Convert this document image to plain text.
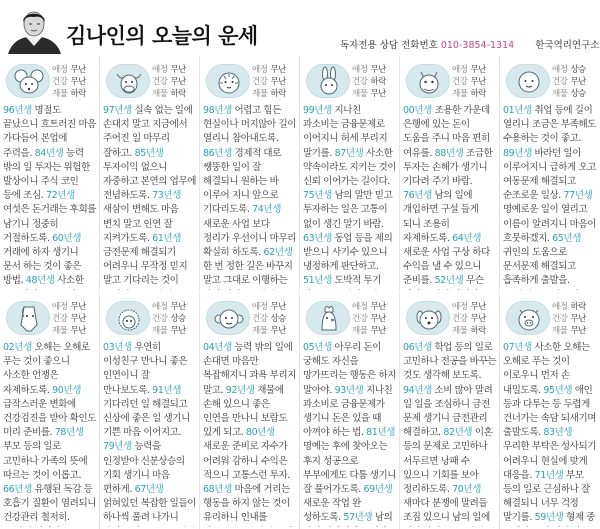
김나인의 오늘의 운세	독자전용 상담 전화번호 010-3854-1314 한국역리연구소
애정 무난
건강 무난
재물 하락
96년생 명절도 끝났으니 흐트러진 마음 가다듬어 본업에 주력을. 84년생 능력 밖의 일 투자는 위험한 발상이니 주식 코인 등에 조심. 72년생 여섯은 돈거래는 후회를 남기니 정중히 거절하도록. 60년생 거래에 하자 생기니 문서 하는 것이 좋은 방법. 48년생 사소한
애정 무난
건강 무난
재물 하락
97년생 실속 없는 일에 손대지 말고 지금에서 주어진 일 마무리 잘하고. 85년생 투자이익 없으니 자중하고 본연의 업무에 전념하도록. 73년생 새삼이 변해도 마음 변치 말고 인연 잘 지켜가도록. 61년생 금전문제 해결되기 어려우니 무작정 믿지 말고 기다리는 것이
애정 무난
건강 무난
재물 하락
98년생 어렵고 힘든 현실이나 머지않아 길이 열리니 참아내도록. 86년생 경제적 대로 쌩뚱한 일이 잘 해결되니 원하는 바 이루어 지니 앞으로 기다리도록. 74년생 새로운 사업 보다 정리가 우선이니 마무리 확실히 하도록. 62년생 한 번 정한 길은 바꾸지 말고 그대로 이행하는
애정 무난
건강 하락
재물 무난
99년생 지나친 과소비는 금융문제로 이어지니 허세 부리지 말기를. 87년생 사소한 약속이라도 지키는 것이 신뢰 이어가는 길이다. 75년생 남의 말만 믿고 투자하는 일은 고통이 없이 생긴 말기 바람. 63년생 동업 등을 제의 받으니 사기수 있으니 냉정하게 판단하고. 51년생 도박적 투기
애정 무난
건강 무난
재물 하락
00년생 조용한 가운데 은행에 있는 돈이 도움을 주니 마음 편히 여유를. 88년생 조급한 투자는 손해가 생기니 기다려 주기 바람. 76년생 남의 일에 개입하면 구설 들게 되니 조용히 자제하도록. 64년생 새로운 사업 구상 하다 수익을 낼 수 있으니 준비를. 52년생 무슨
애정 상승
건강 무난
재물 상승
01년생 취업 등에 길이 열리니 조금은 부족해도 수용하는 것이 좋고. 89년생 바라던 일이 이루어지니 급하게 오고 여동문제 해결되고 순조로운 일상. 77년생 명예로운 일이 열리고 이름이 알려지니 마음이 흐뭇하겠지. 65년생 귀인의 도움으로 문서문제 해결되고 흡족하게 출발을.
애정 무난
건강 무난
재물 무난
02년생 오해는 오해로 푸는 것이 좋으니 사소한 언쟁은 자제하도록. 90년생 급작스러운 변화에 건강검진을 받아 확인도 미리 준비를. 78년생 부모 등의 일로 고민하나 가족의 뜻에 따르는 것이 이롭고. 66년생 유행된 독감 등 호흡기 질환이 염려되니 건강관리 철저히.
애정 무난
건강 상승
재물 무난
03년생 우연히 이성친구 만나니 좋은 인연이니 잘 만나보도록. 91년생 기다리던 일 해결되고 신상에 좋은 일 생기니 기쁜 마음 이어지고. 79년생 능력을 인정받아 신분상승의 기회 생기니 마음 편하게. 67년생 얽혀있던 복잡한 일들이 하나씩 풀려 나가니
애정 무난
건강 상승
재물 무난
04년생 능력 밖의 일에 손대면 마음만 복잡해지니 과욕 부리지 말고. 92년생 재물에 손해 있으니 좋은 인연을 만나니 보람도 있게 되고. 80년생 새로운 준비로 자수가 어려워 감하니 수익은 적으니 고통스런 투자. 68년생 마음에 거리는 행동을 하지 않는 것이 유리하니 인내를
애정 무난
건강 무난
재물 무난
05년생 아무리 돈이 궁해도 자신을 망가뜨리는 행동은 하지 말아야. 93년생 지나친 과소비로 금융문제가 생기니 돈은 있을 때 아껴야 하는 법. 81년생 명예는 후에 찾아오는 후지 성공으로 부부에게도 다툼 생기니 잘 풀어가도록. 69년생 새로운 작업 완 성하도록. 57년생 남의
애정 무난
건강 무난
재물 하락
06년생 학업 등의 일로 고민하나 전공을 바꾸는 것도 생각해 보도록. 94년생 소비 많아 말려 일 일을 조심하니 금전 문제 생기니 금전관리 해결하고. 82년생 이혼 등의 문제로 고민하나 서두르면 낭패 수 있으니 기회를 보아 정리하도록. 70년생 새마다 분쟁에 말려들 조짐 있으니 남의 일에
애정 하락
건강 무난
재물 무난
07년생 사소한 오해는 오해로 푸는 것이 이로우니 먼저 손 내밀도록. 95년생 애인 등과 다투는 등 두렵게 건너가는 속담 되새기며 출발도록. 83년생 무리한 부탁은 성사되기 어려우니 현실에 맞게 대응을. 71년생 부모 등의 일로 근심하나 잘 해결되니 너무 걱정 말기를. 59년생 형제 중
